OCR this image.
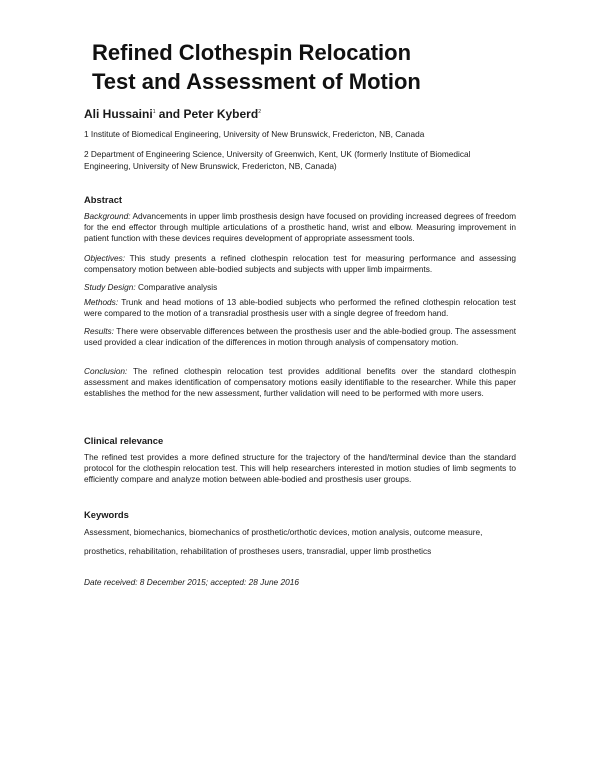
Refined Clothespin Relocation
Test and Assessment of Motion

Ali Hussaini$^1$ and Peter Kyberd$^2$

1 Institute of Biomedical Engineering, University of New Brunswick, Fredericton, NB, Canada

2 Department of Engineering Science, University of Greenwich, Kent, UK (formerly Institute of Biomedical Engineering, University of New Brunswick, Fredericton, NB, Canada)

Abstract

Background: Advancements in upper limb prosthesis design have focused on providing increased degrees of freedom for the end effector through multiple articulations of a prosthetic hand, wrist and elbow. Measuring improvement in patient function with these devices requires development of appropriate assessment tools.

Objectives: This study presents a refined clothespin relocation test for measuring performance and assessing compensatory motion between able-bodied subjects and subjects with upper limb impairments.

Study Design: Comparative analysis

Methods: Trunk and head motions of 13 able-bodied subjects who performed the refined clothespin relocation test were compared to the motion of a transradial prosthesis user with a single degree of freedom hand.

Results: There were observable differences between the prosthesis user and the able-bodied group. The assessment used provided a clear indication of the differences in motion through analysis of compensatory motion.

Conclusion: The refined clothespin relocation test provides additional benefits over the standard clothespin assessment and makes identification of compensatory motions easily identifiable to the researcher. While this paper establishes the method for the new assessment, further validation will need to be performed with more users.

Clinical relevance

The refined test provides a more defined structure for the trajectory of the hand/terminal device than the standard protocol for the clothespin relocation test. This will help researchers interested in motion studies of limb segments to efficiently compare and analyze motion between able-bodied and prosthesis user groups.

Keywords

Assessment, biomechanics, biomechanics of prosthetic/orthotic devices, motion analysis, outcome measure,

prosthetics, rehabilitation, rehabilitation of prostheses users, transradial, upper limb prosthetics

Date received: 8 December 2015; accepted: 28 June 2016
